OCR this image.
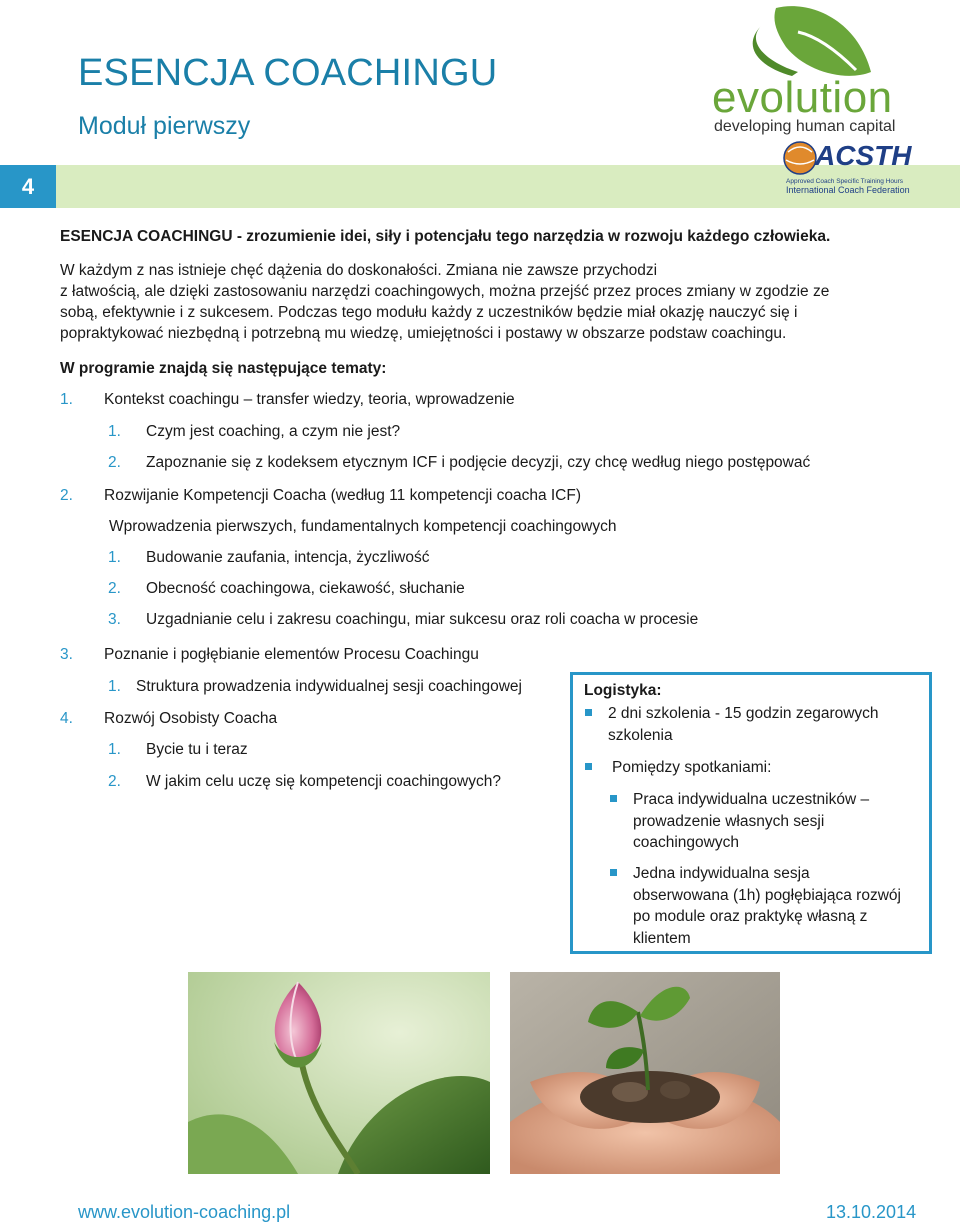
ESENCJA COACHINGU
Moduł pierwszy
4
evolution
developing human capital
ACSTH
Approved Coach Specific Training Hours
International Coach Federation
ESENCJA COACHINGU - zrozumienie idei, siły i potencjału tego narzędzia w rozwoju każdego człowieka.
W każdym z nas istnieje chęć dążenia do doskonałości. Zmiana nie zawsze przychodzi
z łatwością, ale dzięki zastosowaniu narzędzi coachingowych, można przejść przez proces zmiany w zgodzie ze
sobą, efektywnie i z sukcesem. Podczas tego modułu każdy z uczestników będzie miał okazję nauczyć się i
popraktykować niezbędną i potrzebną mu wiedzę, umiejętności i postawy w obszarze podstaw coachingu.
W programie znajdą się następujące tematy:
1. Kontekst coachingu – transfer wiedzy, teoria, wprowadzenie
1. Czym jest coaching, a czym nie jest?
2. Zapoznanie się z kodeksem etycznym ICF i podjęcie decyzji, czy chcę według niego postępować
2. Rozwijanie Kompetencji Coacha (według 11 kompetencji coacha ICF)
Wprowadzenia pierwszych, fundamentalnych kompetencji coachingowych
1. Budowanie zaufania, intencja, życzliwość
2. Obecność coachingowa, ciekawość, słuchanie
3. Uzgadnianie celu i zakresu coachingu, miar sukcesu oraz roli coacha w procesie
3. Poznanie i pogłębianie elementów Procesu Coachingu
1. Struktura prowadzenia indywidualnej sesji coachingowej
4. Rozwój Osobisty Coacha
1. Bycie tu i teraz
2. W jakim celu uczę się kompetencji coachingowych?
Logistyka:
2 dni szkolenia - 15 godzin zegarowych
szkolenia
Pomiędzy spotkaniami:
Praca indywidualna uczestników –
prowadzenie własnych sesji
coachingowych
Jedna indywidualna sesja
obserwowana (1h) pogłębiająca rozwój
po module oraz praktykę własną z
klientem
www.evolution-coaching.pl	13.10.2014
